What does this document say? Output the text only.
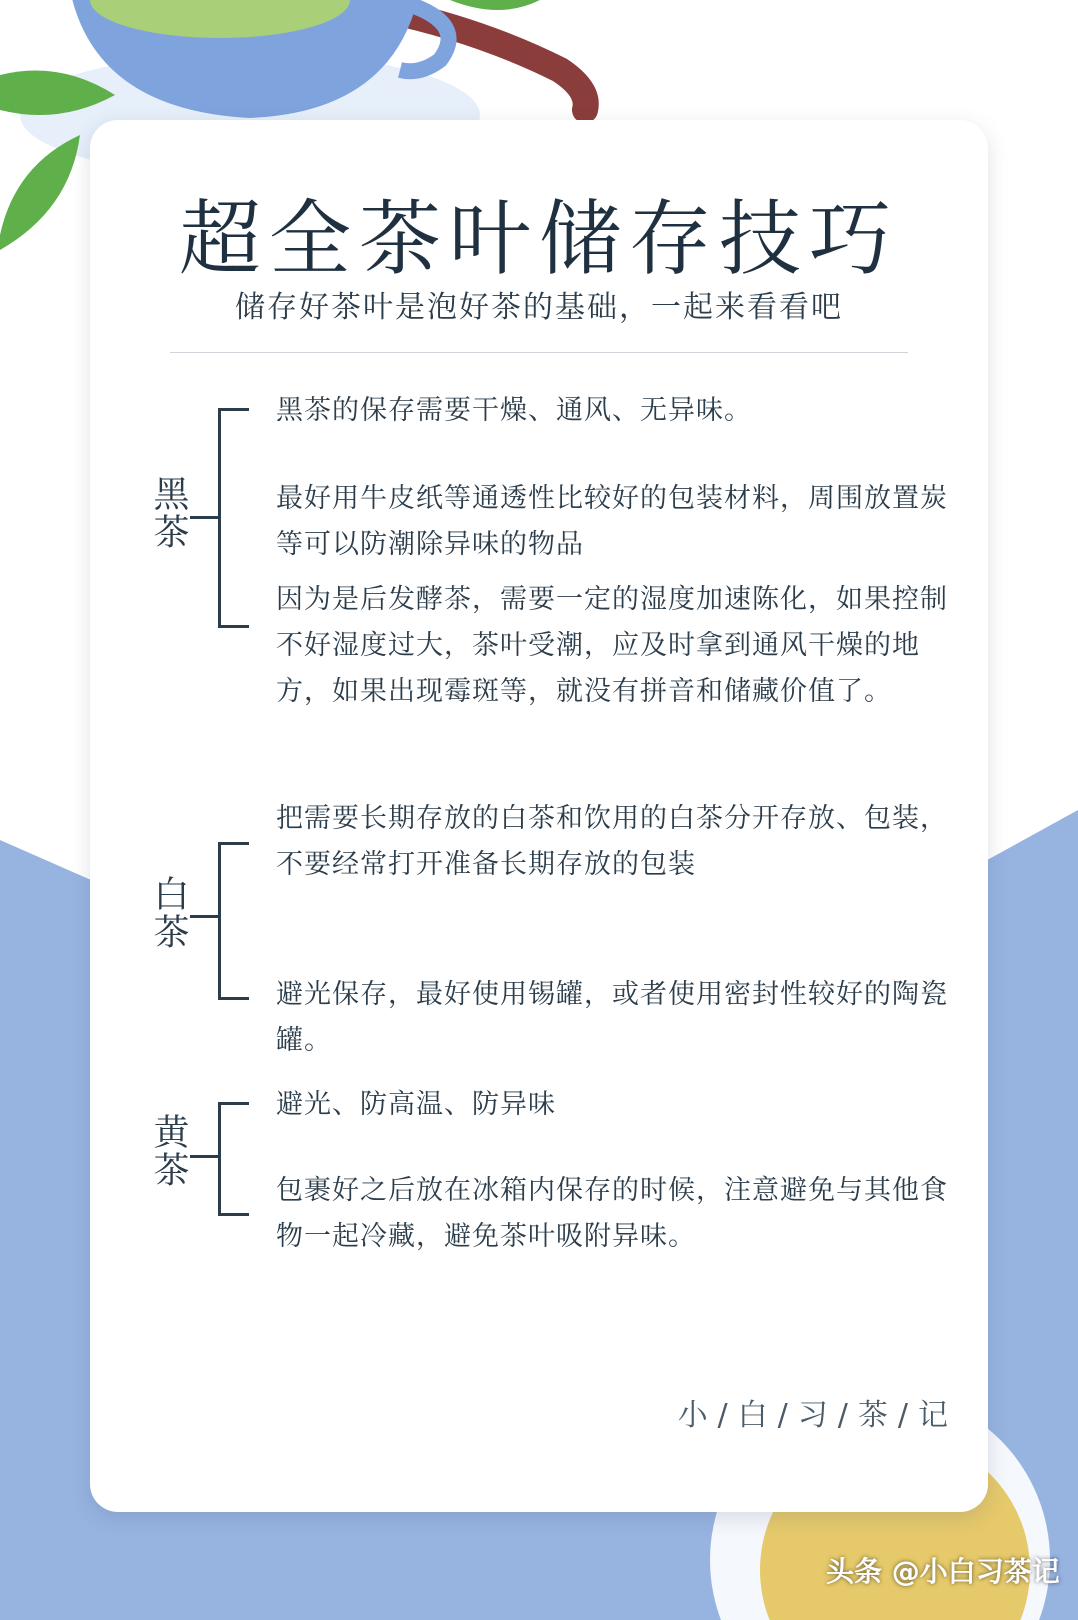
超全茶叶储存技巧
储存好茶叶是泡好茶的基础，一起来看看吧
黑茶
黑茶的保存需要干燥、通风、无异味。
最好用牛皮纸等通透性比较好的包装材料，周围放置炭等可以防潮除异味的物品
因为是后发酵茶，需要一定的湿度加速陈化，如果控制不好湿度过大，茶叶受潮，应及时拿到通风干燥的地方，如果出现霉斑等，就没有拼音和储藏价值了。
白茶
把需要长期存放的白茶和饮用的白茶分开存放、包装，不要经常打开准备长期存放的包装
避光保存，最好使用锡罐，或者使用密封性较好的陶瓷罐。
黄茶
避光、防高温、防异味
包裹好之后放在冰箱内保存的时候，注意避免与其他食物一起冷藏，避免茶叶吸附异味。
小/白/习/茶/记
头条 @小白习茶记
